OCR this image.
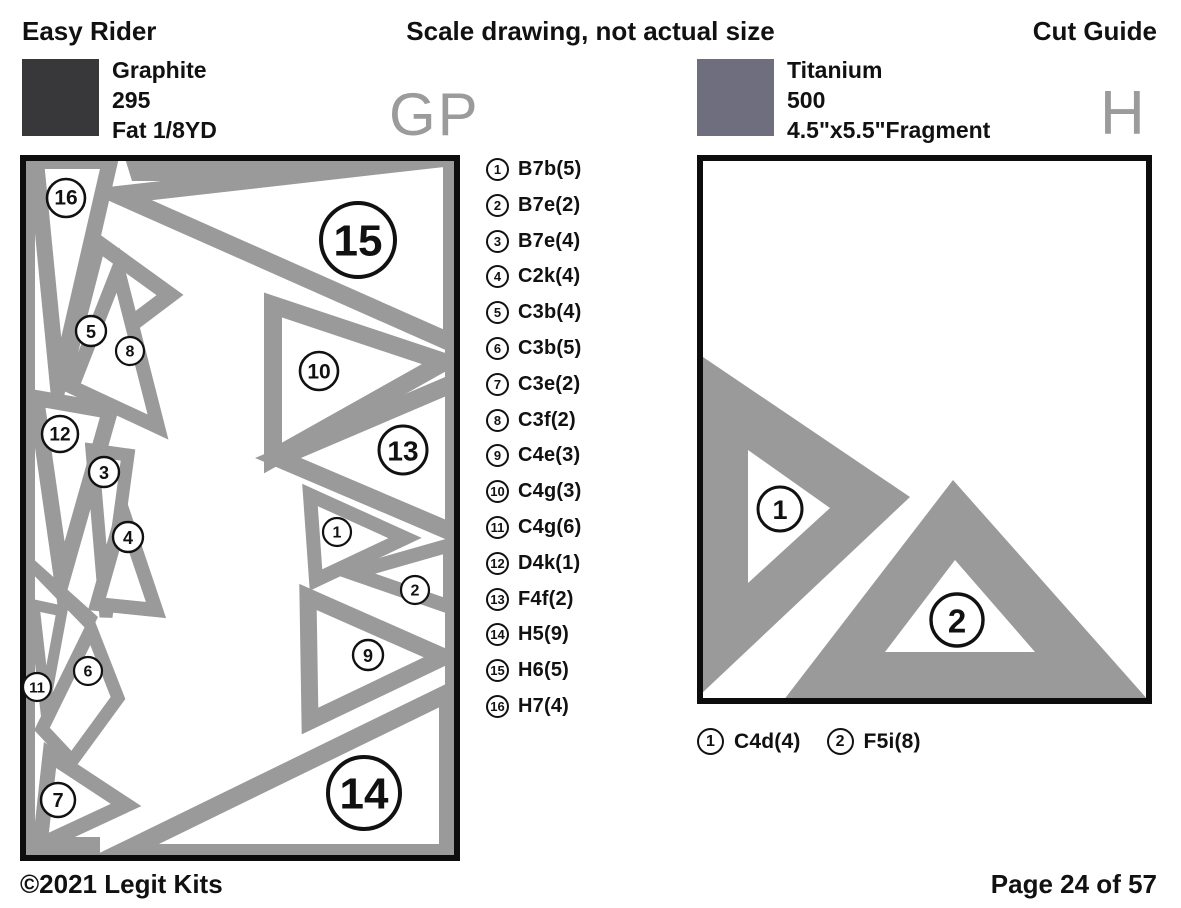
Easy Rider	Scale drawing, not actual size	Cut Guide
Graphite
295
Fat 1/8YD	GP
Titanium
500
4.5"x5.5"Fragment H
16
15
5
8
10
12
3
13
4	1
2
9
6
11
7	14
1 B7b(5)
2 B7e(2)
3 B7e(4)
4 C2k(4)
5 C3b(4)
6 C3b(5)
7 C3e(2)
8 C3f(2)
9 C4e(3)
10 C4g(3)
11 C4g(6)
12 D4k(1)
13 F4f(2)
14 H5(9)
15 H6(5)
16 H7(4)
1
2
1 C4d(4)	2 F5i(8)
©2021 Legit Kits	Page 24 of 57
